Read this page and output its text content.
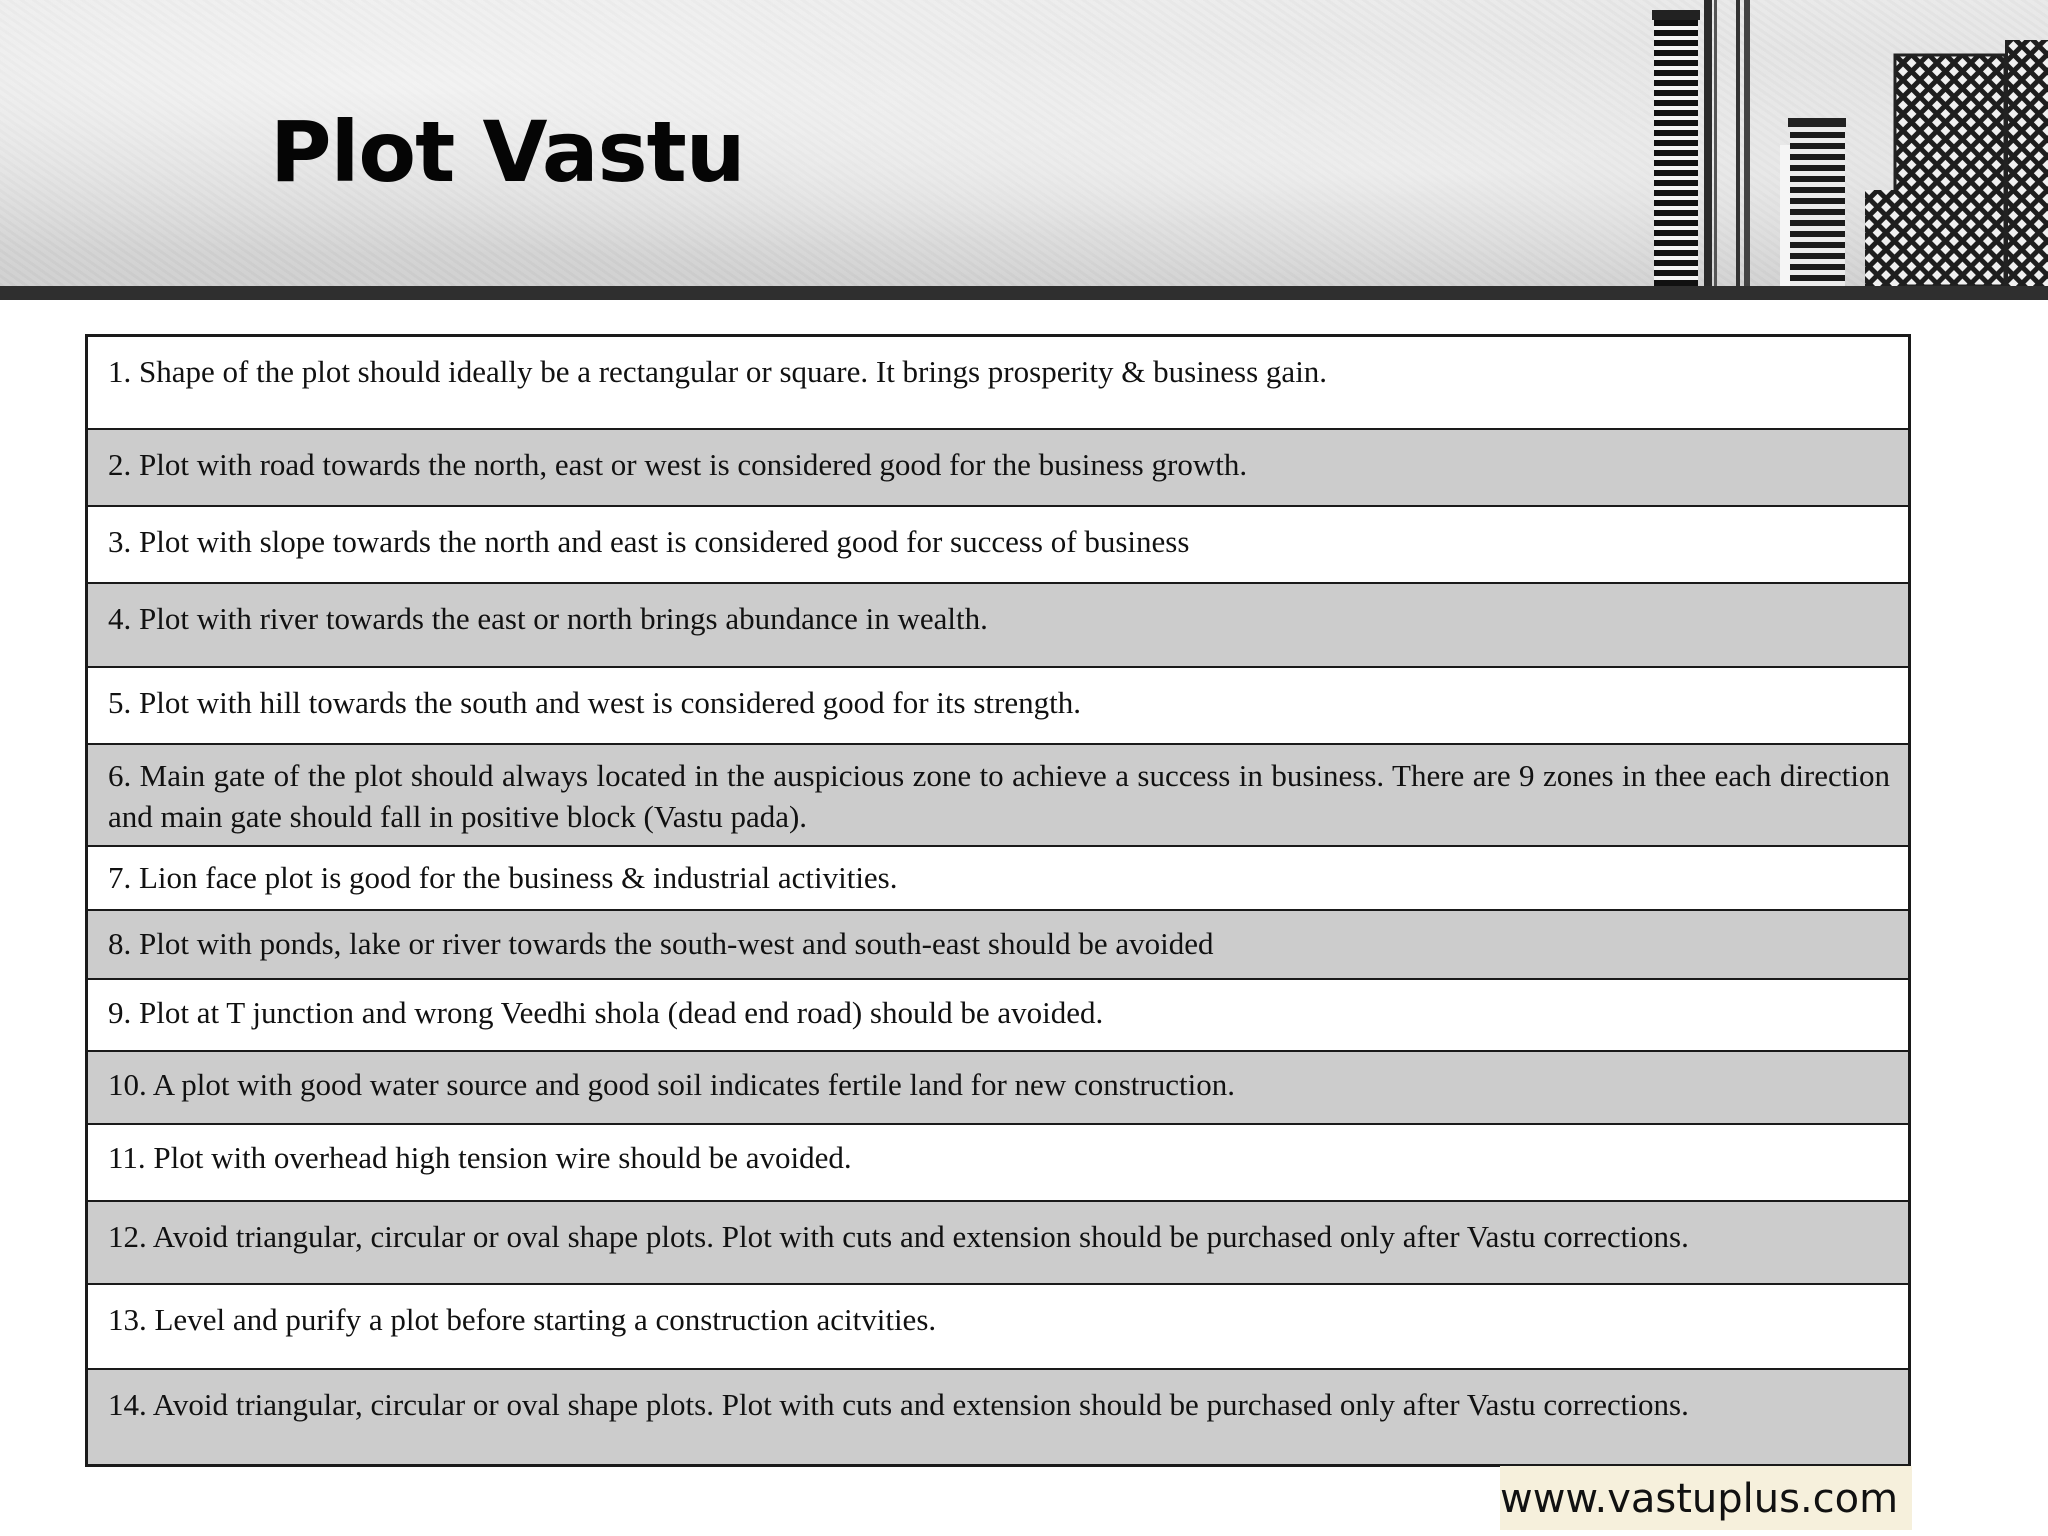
Plot Vastu
1. Shape of the plot should ideally be a rectangular or square. It brings prosperity & business gain.
2. Plot with road towards the north, east or west is considered good for the business growth.
3. Plot with slope towards the north and east is considered good for success of business
4. Plot with river towards the east or north brings abundance in wealth.
5. Plot with hill towards the south and west is considered good for its strength.
6. Main gate of the plot should always located in the auspicious zone to achieve a success in business. There are 9 zones in thee each direction and main gate should fall in positive block (Vastu pada).
7. Lion face plot is good for the business & industrial activities.
8. Plot with ponds, lake or river towards the south-west and south-east should be avoided
9. Plot at T junction and wrong Veedhi shola (dead end road) should be avoided.
10. A plot with good water source and good soil indicates fertile land for new construction.
11. Plot with overhead high tension wire should be avoided.
12. Avoid triangular, circular or oval shape plots. Plot with cuts and extension should be purchased only after Vastu corrections.
13. Level and purify a plot before starting a construction acitvities.
14. Avoid triangular, circular or oval shape plots. Plot with cuts and extension should be purchased only after Vastu corrections.
www.vastuplus.com
